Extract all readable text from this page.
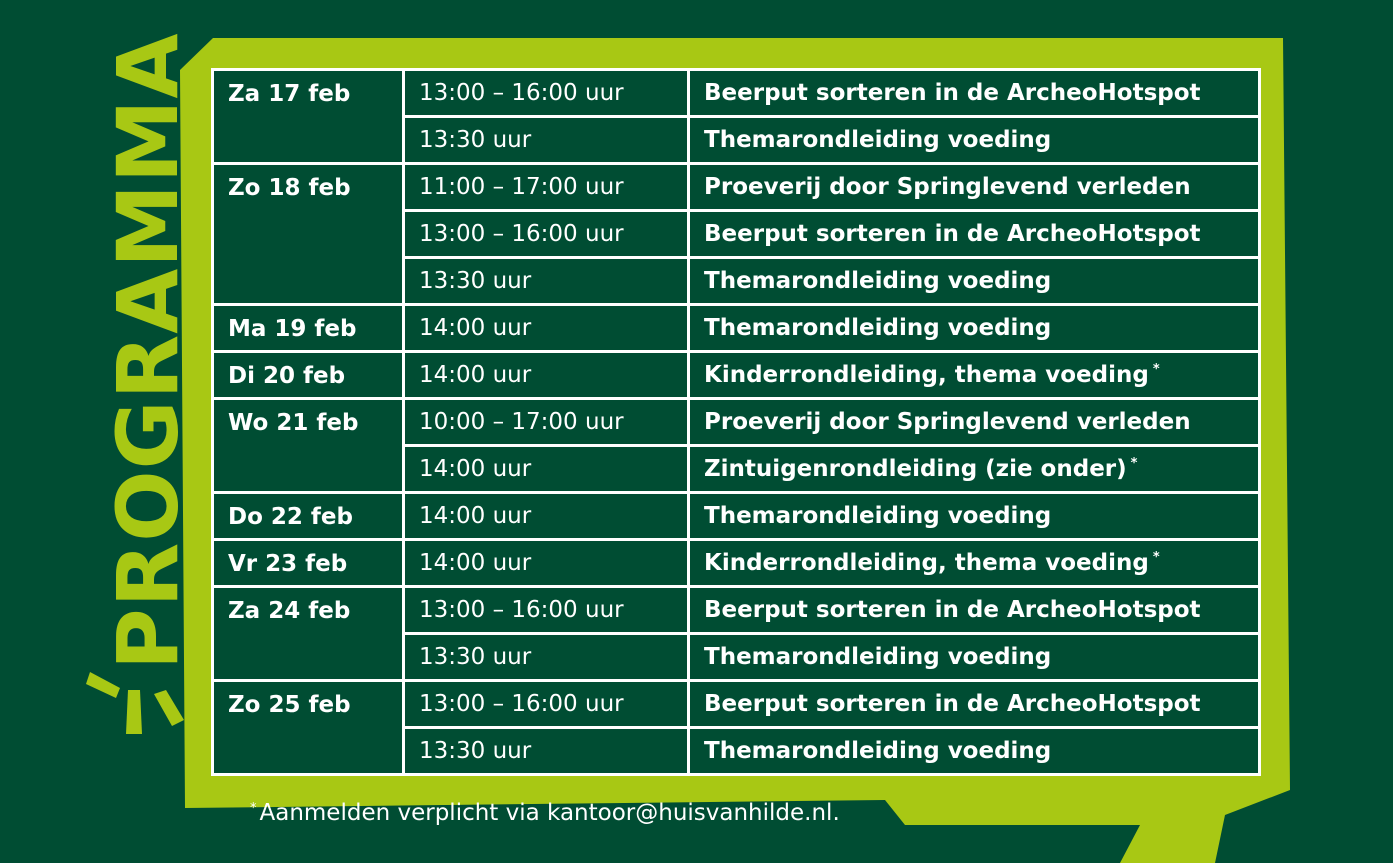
PROGRAMMA Za 17 feb	13:00 – 16:00 uur	Beerput sorteren in de ArcheoHotspot
	13:30 uur	Themarondleiding voeding
Zo 18 feb	11:00 – 17:00 uur	Proeverij door Springlevend verleden
	13:00 – 16:00 uur	Beerput sorteren in de ArcheoHotspot
	13:30 uur	Themarondleiding voeding
Ma 19 feb	14:00 uur	Themarondleiding voeding
Di 20 feb	14:00 uur	Kinderrondleiding, thema voeding *
Wo 21 feb	10:00 – 17:00 uur	Proeverij door Springlevend verleden
	14:00 uur	Zintuigenrondleiding (zie onder) *
Do 22 feb	14:00 uur	Themarondleiding voeding
Vr 23 feb	14:00 uur	Kinderrondleiding, thema voeding *
Za 24 feb	13:00 – 16:00 uur	Beerput sorteren in de ArcheoHotspot
	13:30 uur	Themarondleiding voeding
Zo 25 feb	13:00 – 16:00 uur	Beerput sorteren in de ArcheoHotspot
	13:30 uur	Themarondleiding voeding
* Aanmelden verplicht via kantoor@huisvanhilde.nl.
